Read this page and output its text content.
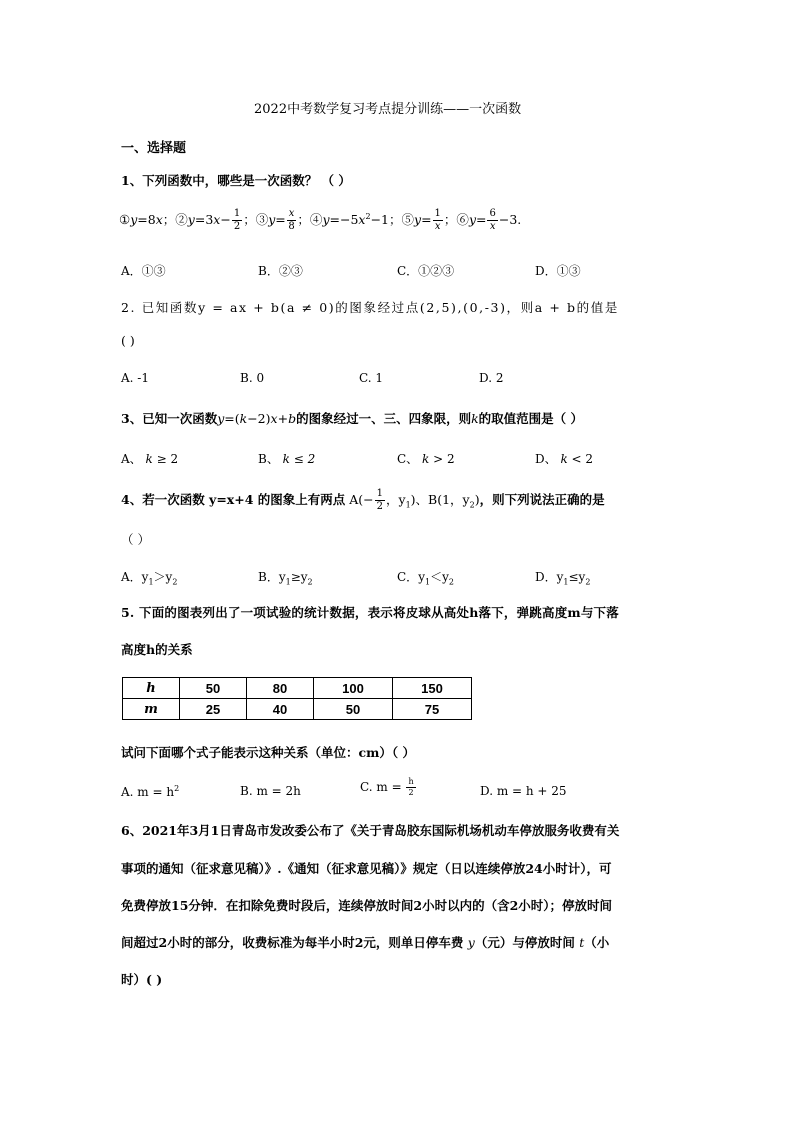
2022中考数学复习考点提分训练——一次函数
一、选择题
1、下列函数中，哪些是一次函数？ （ ）
①y=8x；②y=3x− $\frac{1}{2}$ ；③y= $\frac{x}{8}$ ；$④y=-5x^2-1$；⑤y= $\frac{1}{x}$ ；⑥y= $\frac{6}{x} -3$.
A．①③	B．②③	C．①②③	D．①③
2. 已知函数y = ax + b(a ≠ 0)的图象经过点(2,5),(0,-3)，则a + b的值是
( )
A. -1	B. 0	C. 1	D. 2
3、已知一次函数y=(k−2)x+b的图象经过一、三、四象限，则k的取值范围是（ ）
A、 k ≥ 2	B、 k ≤ 2	C、 k > 2	D、 k < 2
4、若一次函数 y=x+4 的图象上有两点 $A(- \frac{1}{2}$ ，$y_1$)、B(1，$y_2$)，则下列说法正确的是
（ ）
A．$y_1>y_2$	B．$y_1\ge y_2$	C．$y_1<y_2$	D．$y_1\le y_2$
5. 下面的图表列出了一项试验的统计数据，表示将皮球从高处h落下，弹跳高度m与下落
高度h的关系
h	50	80	100	150
m	25	40	50	75
试问下面哪个式子能表示这种关系（单位：cm）（ ）
A. $m = h^2$	B. m = 2h	C. $m = \frac{h}{2}$	D. m = h + 25
6、2021年3月1日青岛市发改委公布了《关于青岛胶东国际机场机动车停放服务收费有关
事项的通知（征求意见稿）》.《通知（征求意见稿）》规定（日以连续停放24小时计），可
免费停放15分钟．在扣除免费时段后，连续停放时间2小时以内的（含2小时）；停放时间
间超过2小时的部分，收费标准为每半小时2元，则单日停车费 y（元）与停放时间 t（小
时）( )
